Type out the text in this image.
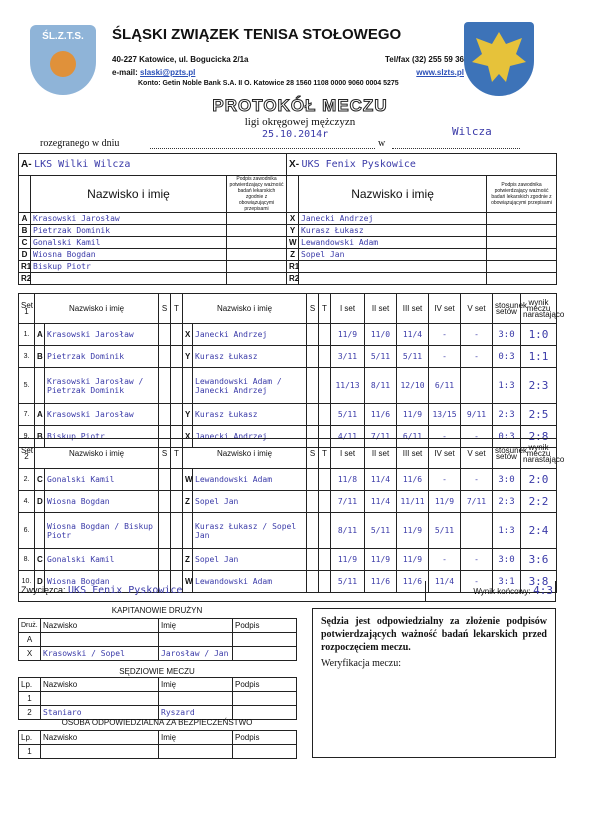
ŚL.Z.T.S.	ŚLĄSKI ZWIĄZEK TENISA STOŁOWEGO
40-227 Katowice, ul. Bogucicka 2/1a	Tel/fax (32) 255 59 36
e-mail: slaski@pzts.pl	www.slzts.pl
Konto: Getin Noble Bank S.A. II O. Katowice 28 1560 1108 0000 9060 0004 5275
PROTOKÓŁ MECZU
ligi okręgowej mężczyzn
25.10.2014r	Wilcza
rozegranego w dniu	w
A- LKS Wilki Wilcza			X- UKS Fenix Pyskowice		
	Nazwisko i imię	Podpis zawodnika potwierdzający ważność badań lekarskich zgodnie z obowiązującymi przepisami		Nazwisko i imię	Podpis zawodnika potwierdzający ważność badań lekarskich zgodnie z obowiązującymi przepisami
A	Krasowski Jarosław		X	Janecki Andrzej	
B	Pietrzak Dominik		Y	Kurasz Łukasz	
C	Gonalski Kamil		W	Lewandowski Adam	
D	Wiosna Bogdan		Z	Sopel Jan	
R1	Biskup Piotr		R1		
R2			R2		
Set 1	Nazwisko i imię		S	T	Nazwisko i imię		S	T	I set	II set	III set	IV set	V set	stosunek setów	wynik meczu narastająco
1.	A	Krasowski Jarosław			X	Janecki Andrzej			11/9	11/0	11/4	-	-	3:0	1:0
3.	B	Pietrzak Dominik			Y	Kurasz Łukasz			3/11	5/11	5/11	-	-	0:3	1:1
5.		Krasowski Jarosław / Pietrzak Dominik				Lewandowski Adam / Janecki Andrzej			11/13	8/11	12/10	6/11		1:3	2:3
7.	A	Krasowski Jarosław			Y	Kurasz Łukasz			5/11	11/6	11/9	13/15	9/11	2:3	2:5
9.	B	Biskup Piotr			X	Janecki Andrzej			4/11	7/11	6/11	-	-	0:3	2:8
Set 2	Nazwisko i imię		S	T	Nazwisko i imię		S	T	I set	II set	III set	IV set	V set	stosunek setów	wynik meczu narastająco
2.	C	Gonalski Kamil			W	Lewandowski Adam			11/8	11/4	11/6	-	-	3:0	2:0
4.	D	Wiosna Bogdan			Z	Sopel Jan			7/11	11/4	11/11	11/9	7/11	2:3	2:2
6.		Wiosna Bogdan / Biskup Piotr				Kurasz Łukasz / Sopel Jan			8/11	5/11	11/9	5/11		1:3	2:4
8.	C	Gonalski Kamil			Z	Sopel Jan			11/9	11/9	11/9	-	-	3:0	3:6
10.	D	Wiosna Bogdan			W	Lewandowski Adam			5/11	11/6	11/6	11/4	-	3:1	3:8
Zwycięzca: UKS Fenix Pyskowice	Wynik końcowy: 4:3
KAPITANOWIE DRUŻYN
Druż.	Nazwisko	Imię	Podpis
A			
X	Krasowski / Sopel	Jarosław / Jan	
SĘDZIOWIE MECZU
Lp.	Nazwisko	Imię	Podpis
1			
2	Staniaro	Ryszard	
OSOBA ODPOWIEDZIALNA ZA BEZPIECZEŃSTWO
Lp.	Nazwisko	Imię	Podpis
1			
Sędzia jest odpowiedzialny za złożenie podpisów potwierdzających ważność badań lekarskich przed rozpoczęciem meczu.
Weryfikacja meczu:
